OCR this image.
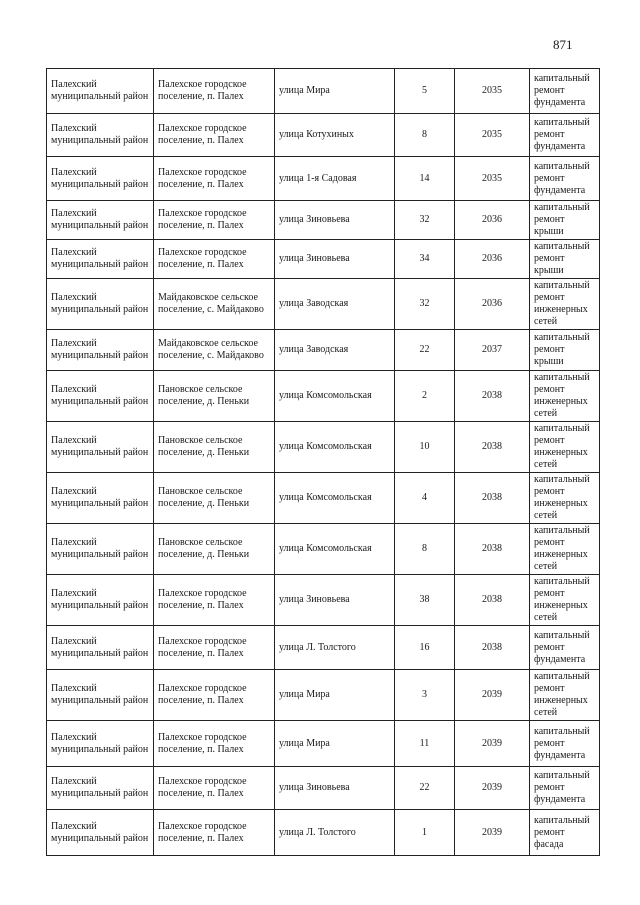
871
Палехский муниципальный район	Палехское городское поселение, п. Палех	улица Мира	5	2035	капитальный ремонт фундамента
Палехский муниципальный район	Палехское городское поселение, п. Палех	улица Котухиных	8	2035	капитальный ремонт фундамента
Палехский муниципальный район	Палехское городское поселение, п. Палех	улица 1-я Садовая	14	2035	капитальный ремонт фундамента
Палехский муниципальный район	Палехское городское поселение, п. Палех	улица Зиновьева	32	2036	капитальный ремонт крыши
Палехский муниципальный район	Палехское городское поселение, п. Палех	улица Зиновьева	34	2036	капитальный ремонт крыши
Палехский муниципальный район	Майдаковское сельское поселение, с. Майдаково	улица Заводская	32	2036	капитальный ремонт инженерных сетей
Палехский муниципальный район	Майдаковское сельское поселение, с. Майдаково	улица Заводская	22	2037	капитальный ремонт крыши
Палехский муниципальный район	Пановское сельское поселение, д. Пеньки	улица Комсомольская	2	2038	капитальный ремонт инженерных сетей
Палехский муниципальный район	Пановское сельское поселение, д. Пеньки	улица Комсомольская	10	2038	капитальный ремонт инженерных сетей
Палехский муниципальный район	Пановское сельское поселение, д. Пеньки	улица Комсомольская	4	2038	капитальный ремонт инженерных сетей
Палехский муниципальный район	Пановское сельское поселение, д. Пеньки	улица Комсомольская	8	2038	капитальный ремонт инженерных сетей
Палехский муниципальный район	Палехское городское поселение, п. Палех	улица Зиновьева	38	2038	капитальный ремонт инженерных сетей
Палехский муниципальный район	Палехское городское поселение, п. Палех	улица Л. Толстого	16	2038	капитальный ремонт фундамента
Палехский муниципальный район	Палехское городское поселение, п. Палех	улица Мира	3	2039	капитальный ремонт инженерных сетей
Палехский муниципальный район	Палехское городское поселение, п. Палех	улица Мира	11	2039	капитальный ремонт фундамента
Палехский муниципальный район	Палехское городское поселение, п. Палех	улица Зиновьева	22	2039	капитальный ремонт фундамента
Палехский муниципальный район	Палехское городское поселение, п. Палех	улица Л. Толстого	1	2039	капитальный ремонт фасада
